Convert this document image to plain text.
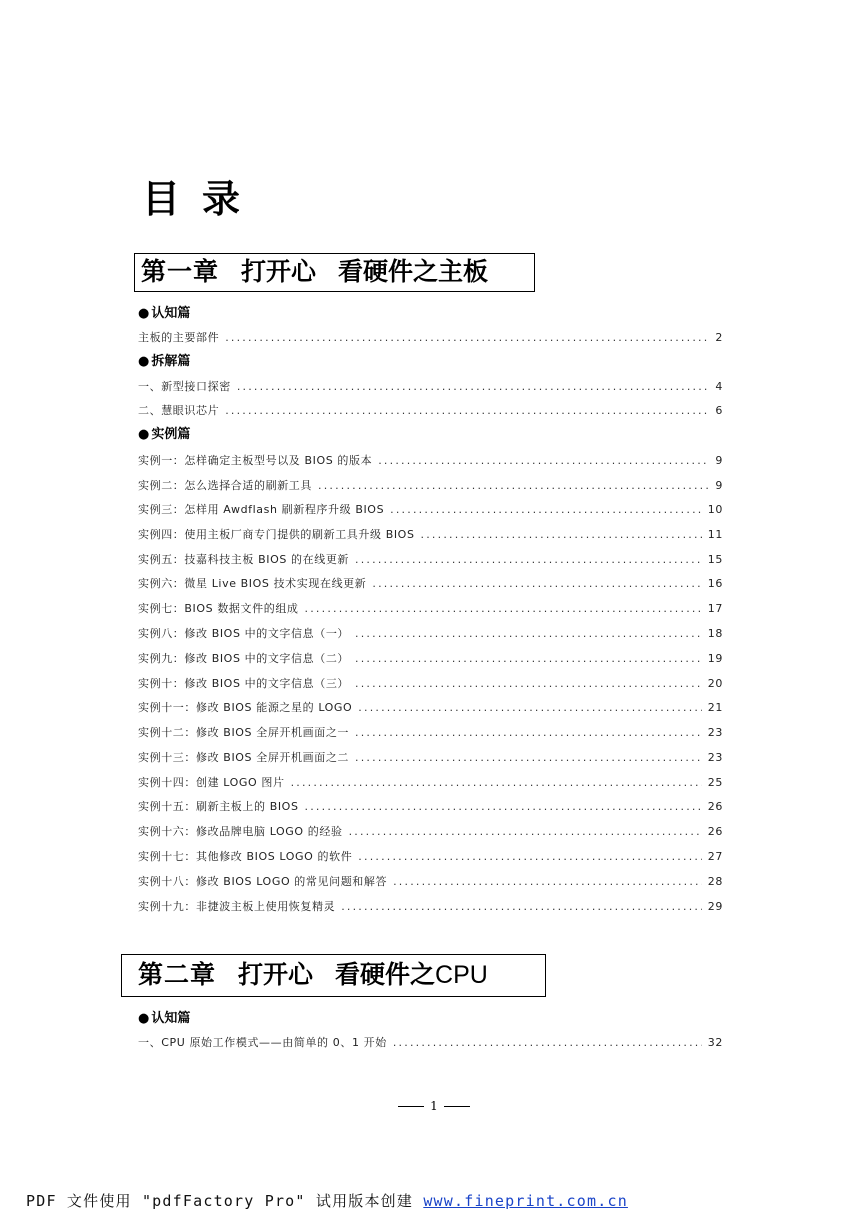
目录
第一章 打开心 看硬件之主板
● 认知篇
主板的主要部件 .....	2
● 拆解篇
一、新型接口探密 .....	4
二、慧眼识芯片 .....	6
● 实例篇
实例一：怎样确定主板型号以及 BIOS 的版本 .....	9
实例二：怎么选择合适的刷新工具 .....	9
实例三：怎样用 Awdflash 刷新程序升级 BIOS .....	10
实例四：使用主板厂商专门提供的刷新工具升级 BIOS .....	11
实例五：技嘉科技主板 BIOS 的在线更新 .....	15
实例六：微星 Live BIOS 技术实现在线更新 .....	16
实例七：BIOS 数据文件的组成 .....	17
实例八：修改 BIOS 中的文字信息（一） .....	18
实例九：修改 BIOS 中的文字信息（二） .....	19
实例十：修改 BIOS 中的文字信息（三） .....	20
实例十一：修改 BIOS 能源之星的 LOGO .....	21
实例十二：修改 BIOS 全屏开机画面之一 .....	23
实例十三：修改 BIOS 全屏开机画面之二 .....	23
实例十四：创建 LOGO 图片 .....	25
实例十五：刷新主板上的 BIOS .....	26
实例十六：修改品牌电脑 LOGO 的经验 .....	26
实例十七：其他修改 BIOS LOGO 的软件 .....	27
实例十八：修改 BIOS LOGO 的常见问题和解答 .....	28
实例十九：非捷波主板上使用恢复精灵 .....	29
第二章 打开心 看硬件之CPU
● 认知篇
一、CPU 原始工作模式——由简单的 0、1 开始 .....	32
1
PDF 文件使用 "pdfFactory Pro" 试用版本创建 www.fineprint.com.cn
